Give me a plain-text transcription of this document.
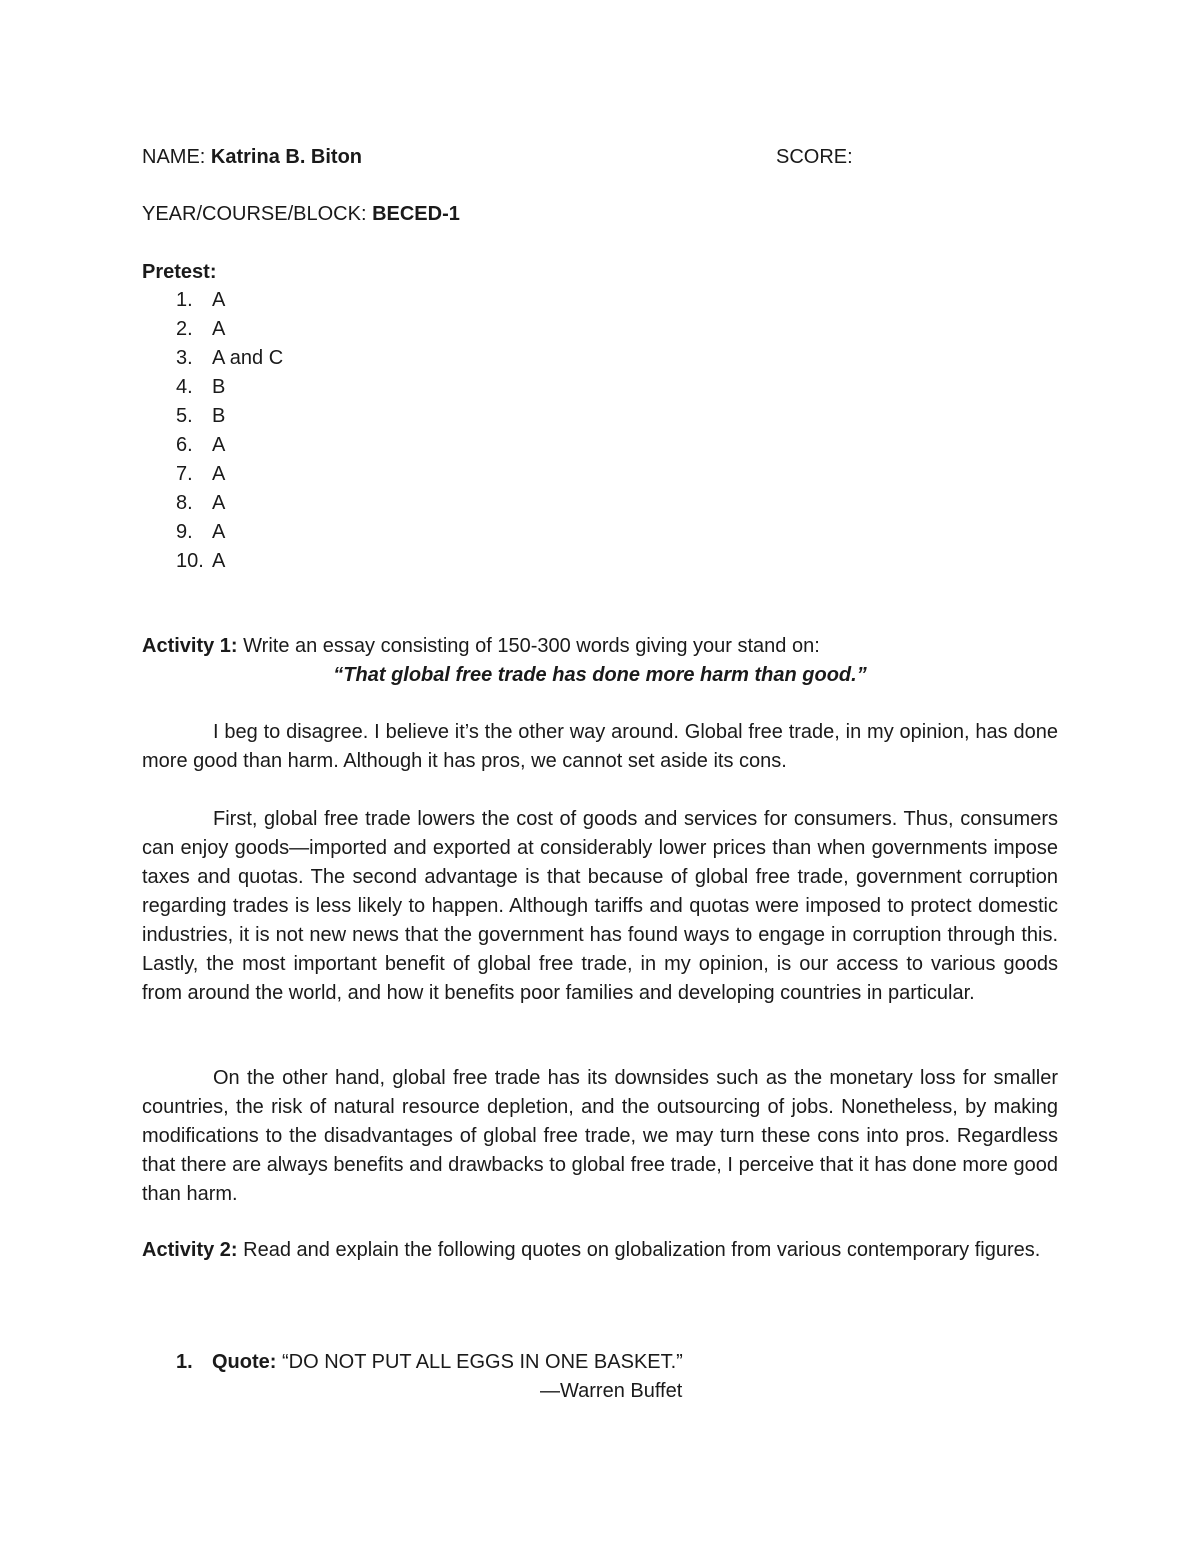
NAME: Katrina B. Biton	SCORE:
YEAR/COURSE/BLOCK: BECED-1
Pretest:
1. A
2. A
3. A and C
4. B
5. B
6. A
7. A
8. A
9. A
10. A
Activity 1: Write an essay consisting of 150-300 words giving your stand on:
“That global free trade has done more harm than good.”
I beg to disagree. I believe it’s the other way around. Global free trade, in my opinion, has done more good than harm. Although it has pros, we cannot set aside its cons.
First, global free trade lowers the cost of goods and services for consumers. Thus, consumers can enjoy goods—imported and exported at considerably lower prices than when governments impose taxes and quotas. The second advantage is that because of global free trade, government corruption regarding trades is less likely to happen. Although tariffs and quotas were imposed to protect domestic industries, it is not new news that the government has found ways to engage in corruption through this. Lastly, the most important benefit of global free trade, in my opinion, is our access to various goods from around the world, and how it benefits poor families and developing countries in particular.
On the other hand, global free trade has its downsides such as the monetary loss for smaller countries, the risk of natural resource depletion, and the outsourcing of jobs. Nonetheless, by making modifications to the disadvantages of global free trade, we may turn these cons into pros. Regardless that there are always benefits and drawbacks to global free trade, I perceive that it has done more good than harm.
Activity 2: Read and explain the following quotes on globalization from various contemporary figures.
1. Quote: “DO NOT PUT ALL EGGS IN ONE BASKET.”
—Warren Buffet
